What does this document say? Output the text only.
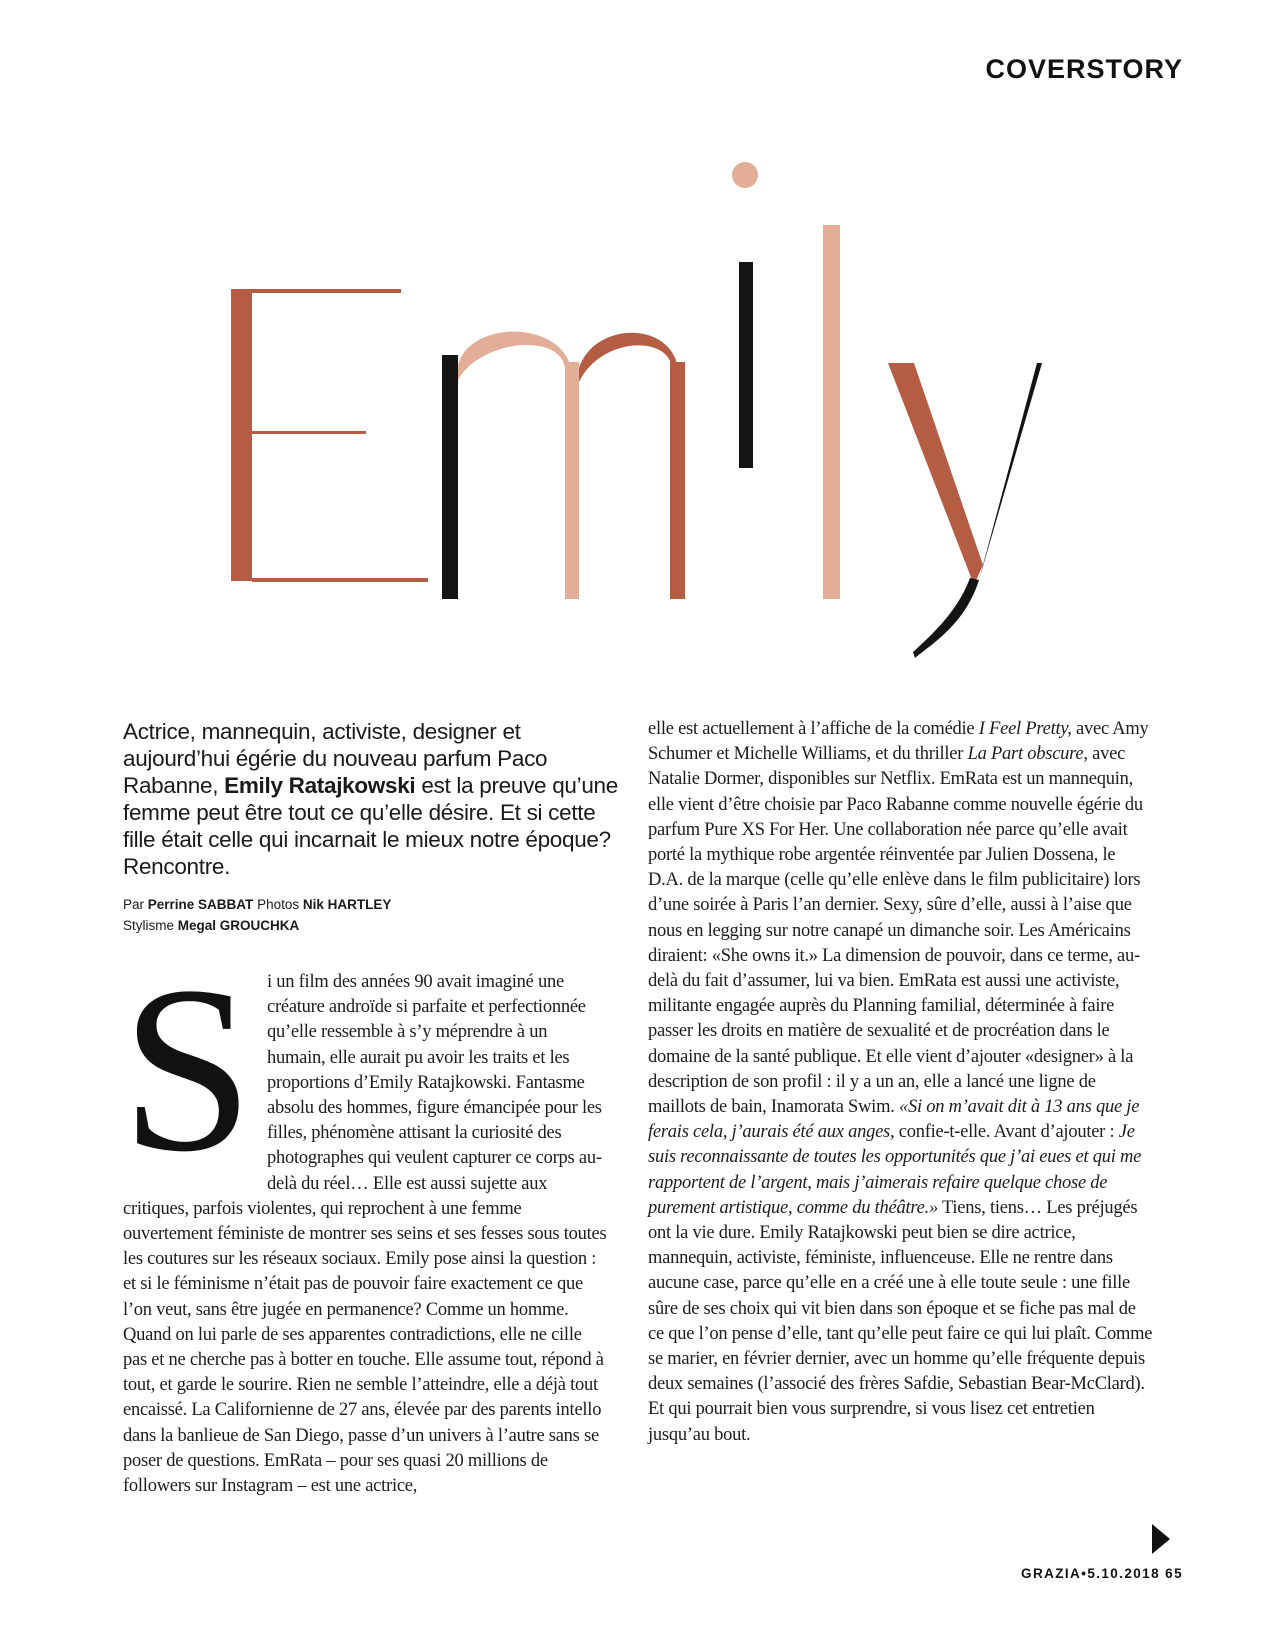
COVERSTORY
Actrice, mannequin, activiste, designer et aujourd’hui égérie du nouveau parfum Paco Rabanne, Emily Ratajkowski est la preuve qu’une femme peut être tout ce qu’elle désire. Et si cette fille était celle qui incarnait le mieux notre époque? Rencontre.
Par Perrine SABBAT Photos Nik HARTLEY
Stylisme Megal GROUCHKA

Si un film des années 90 avait imaginé une créature androïde si parfaite et perfectionnée qu’elle ressemble à s’y méprendre à un humain, elle aurait pu avoir les traits et les proportions d’Emily Ratajkowski. Fantasme absolu des hommes, figure émancipée pour les filles, phénomène attisant la curiosité des photographes qui veulent capturer ce corps au-delà du réel… Elle est aussi sujette aux critiques, parfois violentes, qui reprochent à une femme ouvertement féministe de montrer ses seins et ses fesses sous toutes les coutures sur les réseaux sociaux. Emily pose ainsi la question : et si le féminisme n’était pas de pouvoir faire exactement ce que l’on veut, sans être jugée en permanence? Comme un homme. Quand on lui parle de ses apparentes contradictions, elle ne cille pas et ne cherche pas à botter en touche. Elle assume tout, répond à tout, et garde le sourire. Rien ne semble l’atteindre, elle a déjà tout encaissé. La Californienne de 27 ans, élevée par des parents intello dans la banlieue de San Diego, passe d’un univers à l’autre sans se poser de questions. EmRata – pour ses quasi 20 millions de followers sur Instagram – est une actrice,

elle est actuellement à l’affiche de la comédie I Feel Pretty, avec Amy Schumer et Michelle Williams, et du thriller La Part obscure, avec Natalie Dormer, disponibles sur Netflix. EmRata est un mannequin, elle vient d’être choisie par Paco Rabanne comme nouvelle égérie du parfum Pure XS For Her. Une collaboration née parce qu’elle avait porté la mythique robe argentée réinventée par Julien Dossena, le D.A. de la marque (celle qu’elle enlève dans le film publicitaire) lors d’une soirée à Paris l’an dernier. Sexy, sûre d’elle, aussi à l’aise que nous en legging sur notre canapé un dimanche soir. Les Américains diraient: «She owns it.» La dimension de pouvoir, dans ce terme, au-delà du fait d’assumer, lui va bien. EmRata est aussi une activiste, militante engagée auprès du Planning familial, déterminée à faire passer les droits en matière de sexualité et de procréation dans le domaine de la santé publique. Et elle vient d’ajouter «designer» à la description de son profil : il y a un an, elle a lancé une ligne de maillots de bain, Inamorata Swim. «Si on m’avait dit à 13 ans que je ferais cela, j’aurais été aux anges, confie-t-elle. Avant d’ajouter : Je suis reconnaissante de toutes les opportunités que j’ai eues et qui me rapportent de l’argent, mais j’aimerais refaire quelque chose de purement artistique, comme du théâtre.» Tiens, tiens… Les préjugés ont la vie dure. Emily Ratajkowski peut bien se dire actrice, mannequin, activiste, féministe, influenceuse. Elle ne rentre dans aucune case, parce qu’elle en a créé une à elle toute seule : une fille sûre de ses choix qui vit bien dans son époque et se fiche pas mal de ce que l’on pense d’elle, tant qu’elle peut faire ce qui lui plaît. Comme se marier, en février dernier, avec un homme qu’elle fréquente depuis deux semaines (l’associé des frères Safdie, Sebastian Bear-McClard). Et qui pourrait bien vous surprendre, si vous lisez cet entretien jusqu’au bout.

GRAZIA•5.10.2018 65
